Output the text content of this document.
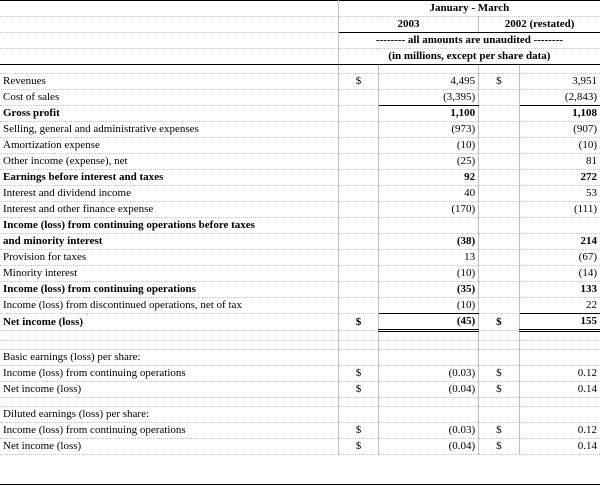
	January - March			
	2003		2002 (restated)	
	-------- all amounts are unaudited --------			
	(in millions, except per share data)			

Revenues	$	4,495	$	3,951
Cost of sales		(3,395)		(2,843)
Gross profit		1,100		1,108
Selling, general and administrative expenses		(973)		(907)
Amortization expense		(10)		(10)
Other income (expense), net		(25)		81
Earnings before interest and taxes		92		272
Interest and dividend income		40		53
Interest and other finance expense		(170)		(111)
Income (loss) from continuing operations before taxes				
and minority interest		(38)		214
Provision for taxes		13		(67)
Minority interest		(10)		(14)
Income (loss) from continuing operations		(35)		133
Income (loss) from discontinued operations, net of tax		(10)		22
Net income (loss)	$	(45)	$	155

Basic earnings (loss) per share:				
Income (loss) from continuing operations	$	(0.03)	$	0.12
Net income (loss)	$	(0.04)	$	0.14

Diluted earnings (loss) per share:				
Income (loss) from continuing operations	$	(0.03)	$	0.12
Net income (loss)	$	(0.04)	$	0.14
